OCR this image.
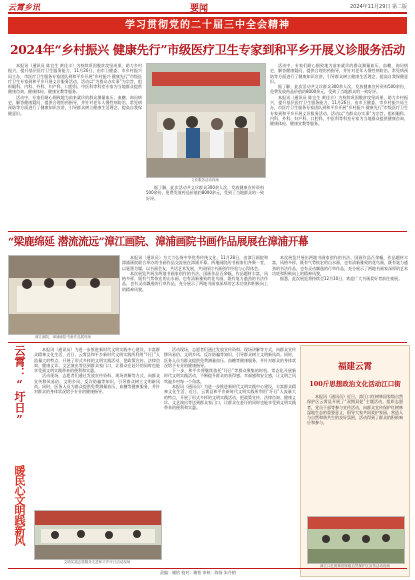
云霄乡讯	要闻	2024年11月29日 第二版
学习贯彻党的二十届三中全会精神
2024年“乡村振兴 健康先行”市级医疗卫生专家到和平乡开展义诊服务活动

本报讯（通讯员 陈宜生 黄佳丰）为持续巩固脱贫攻坚成果，助力乡村振兴，提升基层医疗卫生服务能力，11月26日，由市卫健委、市乡村振兴局主办，市医疗卫生服务专家团队到和平乡开展“乡村振兴 健康先行”市级医疗卫生专家到和平乡开展义诊服务活动，活动以“为群众办实事”为宗旨，组织眼科、内科、外科、妇产科、口腔科、中医科等科室专家为当地群众提供健康咨询、健康体检、健康宣教等服务。

活动中，专家们耐心细致地为前来就诊的群众测量血压、血糖，询问病史，解答健康疑问，提供合理用药指导，并针对老年人慢性病防治、常见病预防等方面进行了健康知识宣讲，引导群众树立健康生活理念，提高自我保健意识。

义诊服务活动现场

据了解，此次活动共义诊群众300余人次，发放健康宣传资料500余份，免费发放药品价值约8000余元，受到了当地群众的一致好评。

活动中，专家们耐心细致地为前来就诊的群众测量血压、血糖，询问病史，解答健康疑问，提供合理用药指导，并针对老年人慢性病防治、常见病预防等方面进行了健康知识宣讲，引导群众树立健康生活理念，提高自我保健意识。

据了解，此次活动共义诊群众300余人次，发放健康宣传资料500余份，免费发放药品价值约8000余元，受到了当地群众的一致好评。

本报讯（通讯员 陈宜生 黄佳丰）为持续巩固脱贫攻坚成果，助力乡村振兴，提升基层医疗卫生服务能力，11月26日，由市卫健委、市乡村振兴局主办，市医疗卫生服务专家团队到和平乡开展“乡村振兴 健康先行”市级医疗卫生专家到和平乡开展义诊服务活动，活动以“为群众办实事”为宗旨，组织眼科、内科、外科、妇产科、口腔科、中医科等科室专家为当地群众提供健康咨询、健康体检、健康宣教等服务。

“梁鹿绵延 潜流流远”漳江画院、漳浦画院书画作品展展在漳浦开幕
漳江画院、漳浦画院书画作品展现场

本报讯（通讯员）为大力弘扬中华优秀传统文化，11月28日，由漳江画院和漳浦画院联合举办的书画作品交流展在漳浦开幕。两地画院的书画家们齐聚一堂，以笔墨为媒，以书画会友，共话艺术发展，共同探讨书画创作经验与心得体会。

本次展览共展出两地书画家创作的书法、国画作品百余幅，作品题材丰富，风格多样，既有气势恢宏的山水画，也有清新雅致的花鸟画，既有笔力遒劲的书法作品，也有灵动飘逸的行草作品，充分展示了两地书画家深厚的艺术功底和积极向上的精神风貌。

本次展览共展出两地书画家创作的书法、国画作品百余幅，作品题材丰富，风格多样，既有气势恢宏的山水画，也有清新雅致的花鸟画，既有笔力遒劲的书法作品，也有灵动飘逸的行草作品，充分展示了两地书画家深厚的艺术功底和积极向上的精神风貌。

据悉，此次展览将持续至12月10日，欢迎广大书画爱好者前往观展。

云霄：“圩日”
暖民心文明践新风

本报讯（通讯员）为进一步推进新时代文明实践中心建设，丰富群众精神文化生活，近日，云霄县和平乡新时代文明实践所利用“圩日”人流量大的特点，开展了形式多样的文明实践活动，把政策宣传、法律咨询、健康义诊、文艺演出等送到群众家门口，让群众在赶圩的同时也能享受到文明实践带来的便利和实惠。

活动现场，志愿者们通过发放宣传资料、现场讲解等方式，向群众宣传移风易俗、文明乡风、反诈防骗等知识，引导群众树立文明新风尚。同时，医务人员为群众提供免费测量血压、血糖等健康服务，并针对群众的身体状况给予专业的健康指导。

活动现场，志愿者们通过发放宣传资料、现场讲解等方式，向群众宣传移风易俗、文明乡风、反诈防骗等知识，引导群众树立文明新风尚。同时，医务人员为群众提供免费测量血压、血糖等健康服务，并针对群众的身体状况给予专业的健康指导。

下一步，和平乡将继续依托“圩日”等群众聚集的时机，常态化开展新时代文明实践活动，不断提升群众的获得感、幸福感和安全感，让文明之风吹遍乡村每一个角落。

本报讯（通讯员）为进一步推进新时代文明实践中心建设，丰富群众精神文化生活，近日，云霄县和平乡新时代文明实践所利用“圩日”人流量大的特点，开展了形式多样的文明实践活动，把政策宣传、法律咨询、健康义诊、文艺演出等送到群众家门口，让群众在赶圩的同时也能享受到文明实践带来的便利和实惠。

文明实践志愿服务走进和平乡圩日活动现场
福建云霄
100斤思想政治文化活动江口街

本报讯（通讯员）近日，漳江口红树林国家级自然保护区云霄县开展了“双拥双促”主题活动，组织志愿者、党员干部等参与宣传活动，向群众宣传保护红树林湿地生态的重要意义，倡导大家共同爱护家园，营造人与自然和谐共生的良好氛围，活动得到了群众的积极响应和参与。

漳江口红树林国家级自然保护区宣传活动现场
责编：谢怡 校对：谢怡 审核：陈扬 朱丹榕
